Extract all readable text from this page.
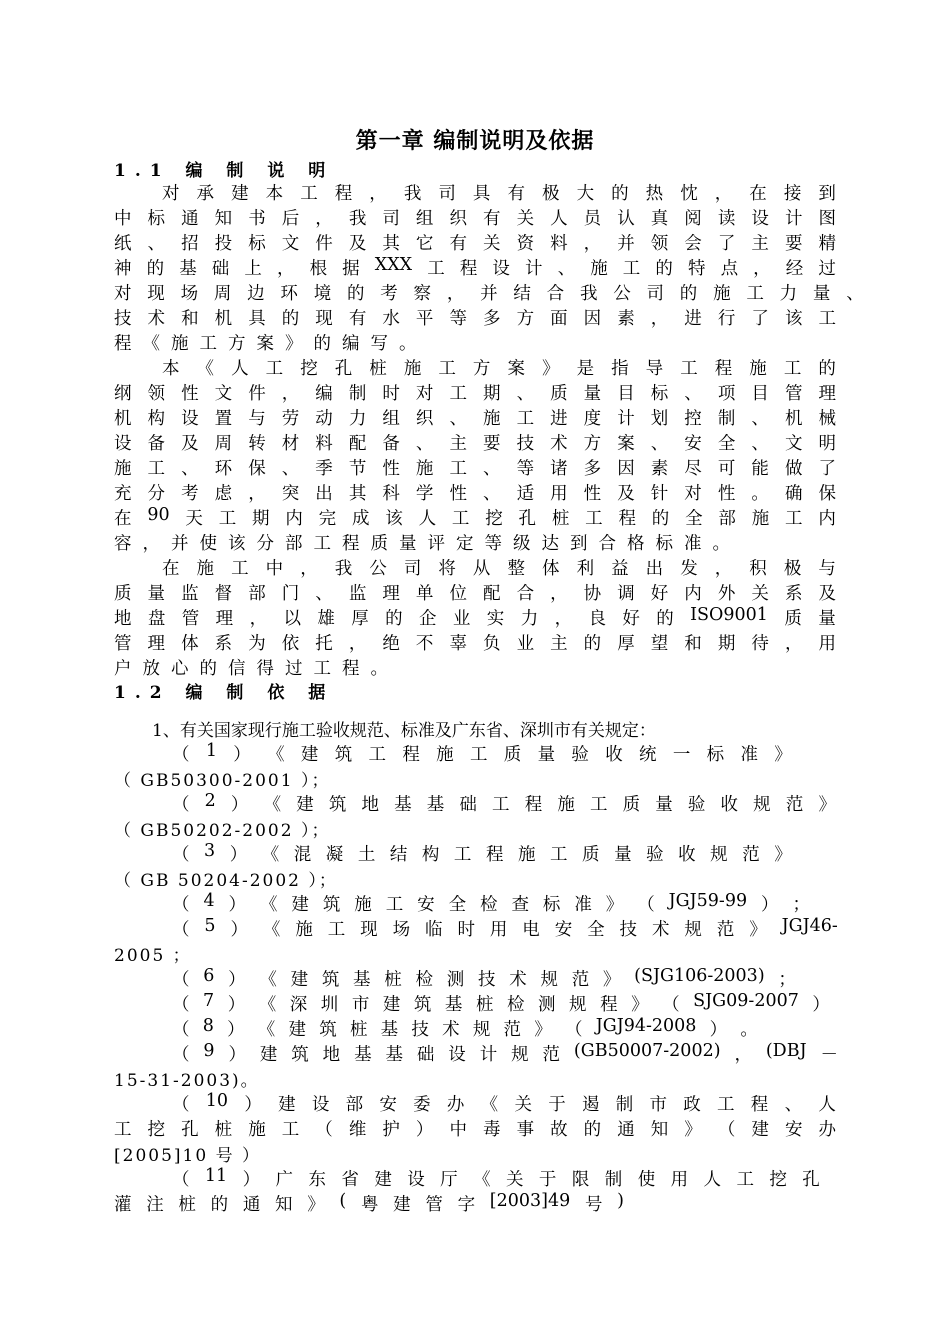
第一章 编制说明及依据
1.1 编 制 说 明
对 承 建 本 工 程 ， 我 司 具 有 极 大 的 热 忱 ， 在 接 到
中 标 通 知 书 后 ， 我 司 组 织 有 关 人 员 认 真 阅 读 设 计 图
纸 、 招 投 标 文 件 及 其 它 有 关 资 料 ， 并 领 会 了 主 要 精
神 的 基 础 上 ， 根 据 XXX 工 程 设 计 、 施 工 的 特 点 ， 经 过
对 现 场 周 边 环 境 的 考 察 ， 并 结 合 我 公 司 的 施 工 力 量 、
技 术 和 机 具 的 现 有 水 平 等 多 方 面 因 素 ， 进 行 了 该 工
程《施工方案》的编写。
本 《 人 工 挖 孔 桩 施 工 方 案 》 是 指 导 工 程 施 工 的
纲 领 性 文 件 ， 编 制 时 对 工 期 、 质 量 目 标 、 项 目 管 理
机 构 设 置 与 劳 动 力 组 织 、 施 工 进 度 计 划 控 制 、 机 械
设 备 及 周 转 材 料 配 备 、 主 要 技 术 方 案 、 安 全 、 文 明
施 工 、 环 保 、 季 节 性 施 工 、 等 诸 多 因 素 尽 可 能 做 了
充 分 考 虑 ， 突 出 其 科 学 性 、 适 用 性 及 针 对 性 。 确 保
在 90 天 工 期 内 完 成 该 人 工 挖 孔 桩 工 程 的 全 部 施 工 内
容，并使该分部工程质量评定等级达到合格标准。
在 施 工 中 ， 我 公 司 将 从 整 体 利 益 出 发 ， 积 极 与
质 量 监 督 部 门 、 监 理 单 位 配 合 ， 协 调 好 内 外 关 系 及
地 盘 管 理 ， 以 雄 厚 的 企 业 实 力 ， 良 好 的 ISO9001 质 量
管 理 体 系 为 依 托 ， 绝 不 辜 负 业 主 的 厚 望 和 期 待 ， 用
户放心的信得过工程。
1.2 编 制 依 据
1、有关国家现行施工验收规范、标准及广东省、深圳市有关规定：
（ 1 ） 《 建 筑 工 程 施 工 质 量 验 收 统 一 标 准 》
（ GB50300-2001 ）；
（ 2 ） 《 建 筑 地 基 基 础 工 程 施 工 质 量 验 收 规 范 》
（ GB50202-2002 ）；
（ 3 ） 《 混 凝 土 结 构 工 程 施 工 质 量 验 收 规 范 》
（ GB 50204-2002 ）；
（ 4 ） 《 建 筑 施 工 安 全 检 查 标 准 》 （ JGJ59-99 ） ；
（ 5 ） 《 施 工 现 场 临 时 用 电 安 全 技 术 规 范 》 JGJ46-
2005 ；
（ 6 ） 《 建 筑 基 桩 检 测 技 术 规 范 》 (SJG106-2003) ；
（ 7 ） 《 深 圳 市 建 筑 基 桩 检 测 规 程 》 （ SJG09-2007 ）
（ 8 ） 《 建 筑 桩 基 技 术 规 范 》 （ JGJ94-2008 ） 。
（ 9 ） 建 筑 地 基 基 础 设 计 规 范 (GB50007-2002) ， (DBJ －
15-31-2003)。
（ 10 ） 建 设 部 安 委 办 《 关 于 遏 制 市 政 工 程 、 人
工 挖 孔 桩 施 工 （ 维 护 ） 中 毒 事 故 的 通 知 》 （ 建 安 办
[2005]10 号 ）
（ 11 ） 广 东 省 建 设 厅 《 关 于 限 制 使 用 人 工 挖 孔
灌 注 桩 的 通 知 》 ( 粤 建 管 字 [2003]49 号 )
